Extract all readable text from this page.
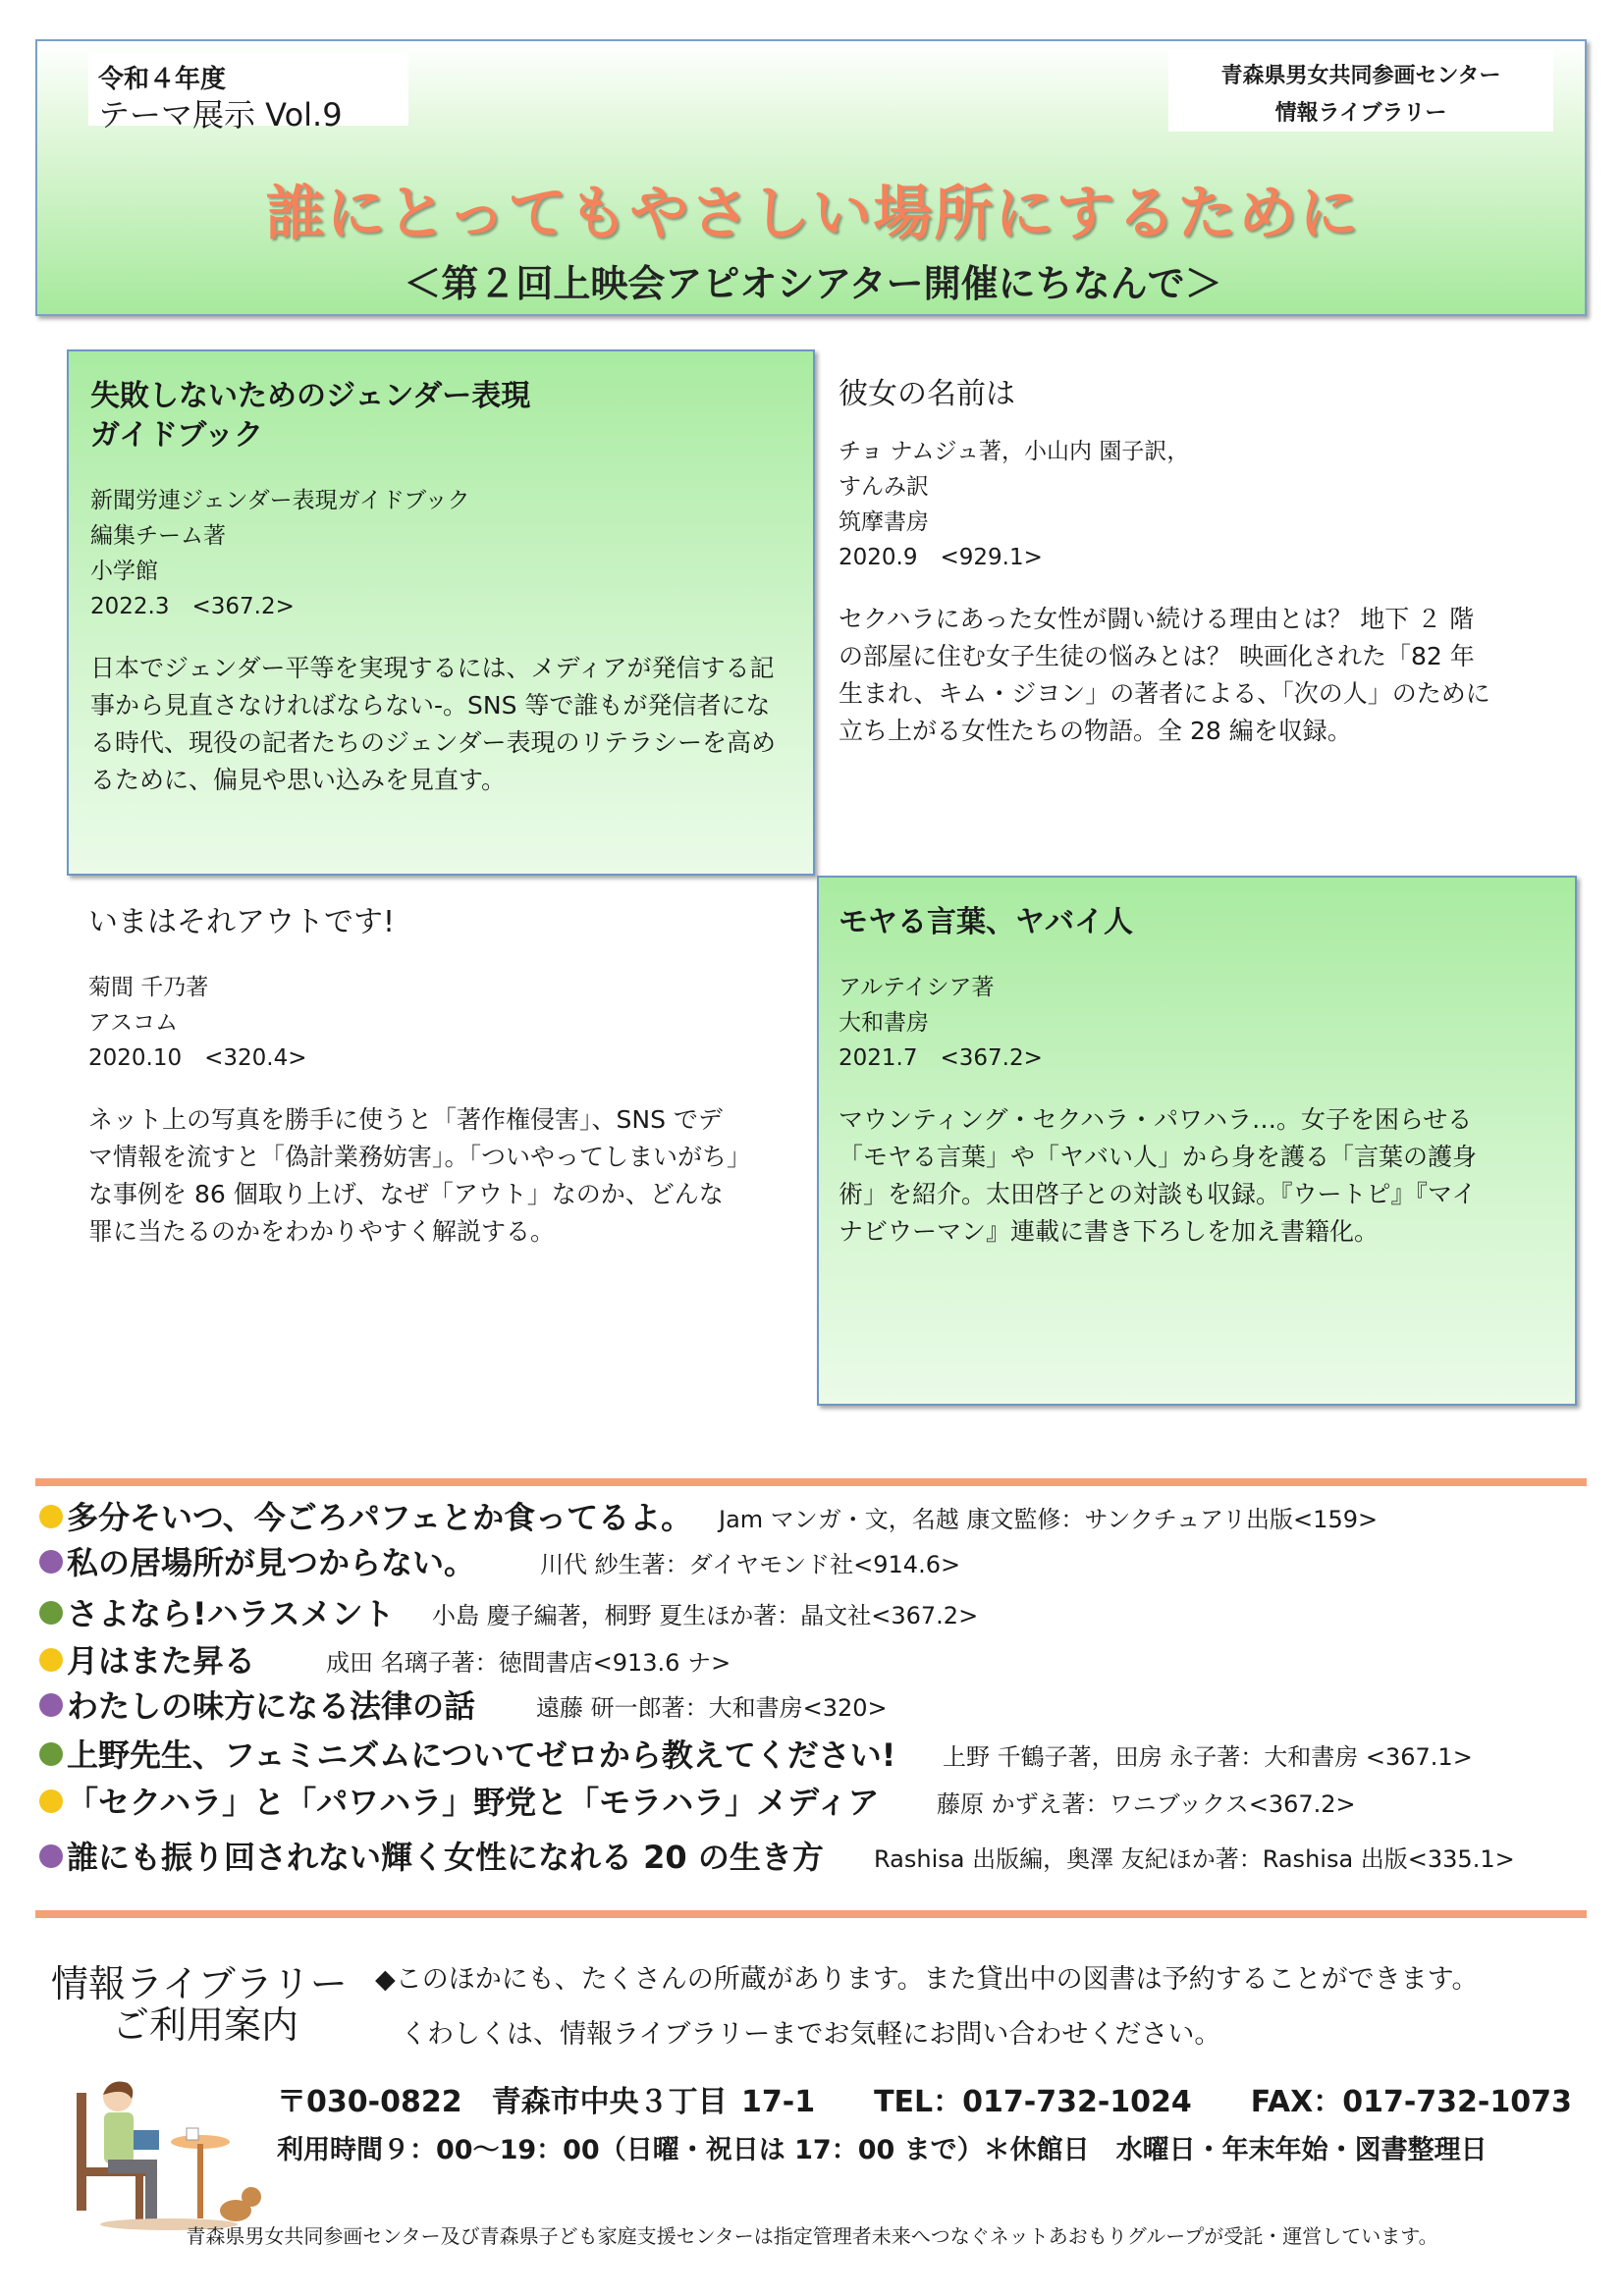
令和４年度
テーマ展示 Vol.9
青森県男女共同参画センター
情報ライブラリー
誰にとってもやさしい場所にするために
＜第２回上映会アピオシアター開催にちなんで＞
失敗しないためのジェンダー表現
ガイドブック
新聞労連ジェンダー表現ガイドブック
編集チーム著
小学館
2022.3　<367.2>
日本でジェンダー平等を実現するには、メディアが発信する記
事から見直さなければならない-。SNS 等で誰もが発信者にな
る時代、現役の記者たちのジェンダー表現のリテラシーを高め
るために、偏見や思い込みを見直す。
彼女の名前は
チョ ナムジュ著，小山内 園子訳，
すんみ訳
筑摩書房
2020.9　<929.1>
セクハラにあった女性が闘い続ける理由とは？ 地下 ２ 階
の部屋に住む女子生徒の悩みとは？ 映画化された「82 年
生まれ、キム・ジヨン」の著者による、「次の人」のために
立ち上がる女性たちの物語。全 28 編を収録。
いまはそれアウトです!
菊間 千乃著
アスコム
2020.10　<320.4>
ネット上の写真を勝手に使うと「著作権侵害」、SNS でデ
マ情報を流すと「偽計業務妨害」。「ついやってしまいがち」
な事例を 86 個取り上げ、なぜ「アウト」なのか、どんな
罪に当たるのかをわかりやすく解説する。
モヤる言葉、ヤバイ人
アルテイシア著
大和書房
2021.7　<367.2>
マウンティング・セクハラ・パワハラ…。女子を困らせる
「モヤる言葉」や「ヤバい人」から身を護る「言葉の護身
術」を紹介。太田啓子との対談も収録。『ウートピ』『マイ
ナビウーマン』連載に書き下ろしを加え書籍化。
多分そいつ、今ごろパフェとか食ってるよ。 Jam マンガ・文，名越 康文監修：サンクチュアリ出版<159>
私の居場所が見つからない。	川代 紗生著：ダイヤモンド社<914.6>
さよなら!ハラスメント 小島 慶子編著，桐野 夏生ほか著：晶文社<367.2>
月はまた昇る	成田 名璃子著：徳間書店<913.6 ナ>
わたしの味方になる法律の話	遠藤 研一郎著：大和書房<320>
上野先生、フェミニズムについてゼロから教えてください! 上野 千鶴子著，田房 永子著：大和書房 <367.1>
「セクハラ」と「パワハラ」野党と「モラハラ」メディア 藤原 かずえ著：ワニブックス<367.2>
誰にも振り回されない輝く女性になれる 20 の生き方 Rashisa 出版編，奥澤 友紀ほか著：Rashisa 出版<335.1>
情報ライブラリー
ご利用案内
◆このほかにも、たくさんの所蔵があります。また貸出中の図書は予約することができます。
くわしくは、情報ライブラリーまでお気軽にお問い合わせください。
〒030-0822　青森市中央３丁目 17-1　　TEL：017-732-1024　　FAX：017-732-1073
利用時間９：00～19：00（日曜・祝日は 17：00 まで）＊休館日　水曜日・年末年始・図書整理日
青森県男女共同参画センター及び青森県子ども家庭支援センターは指定管理者未来へつなぐネットあおもりグループが受託・運営しています。
